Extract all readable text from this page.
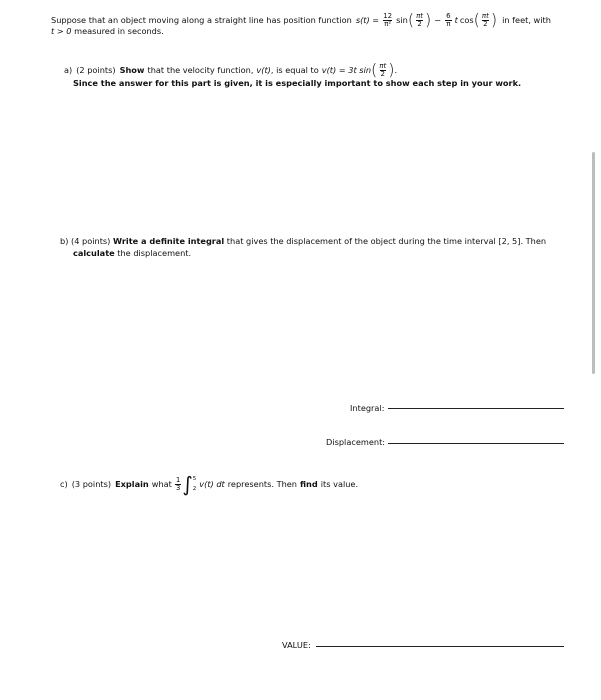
Suppose that an object moving along a straight line has position function $s(t) = \frac{12}{\text{π²}}$ sin ( $\frac{\pi t}{2}$ ) − $\frac{6}{\pi}$ t cos ( $\frac{\pi t}{2}$ ) in feet, with
t > 0 measured in seconds.
a) (2 points) Show that the velocity function, v(t) , is equal to v(t) = 3t sin ( $\frac{\pi t}{2}$ ) .
Since the answer for this part is given, it is especially important to show each step in your work.
b) (4 points) Write a definite integral that gives the displacement of the object during the time interval [2, 5]. Then
calculate the displacement.
Integral:
Displacement:
c) (3 points) Explain what $\frac{1}{3}$ ∫ 5
2 v(t) dt represents. Then find its value.
VALUE:
